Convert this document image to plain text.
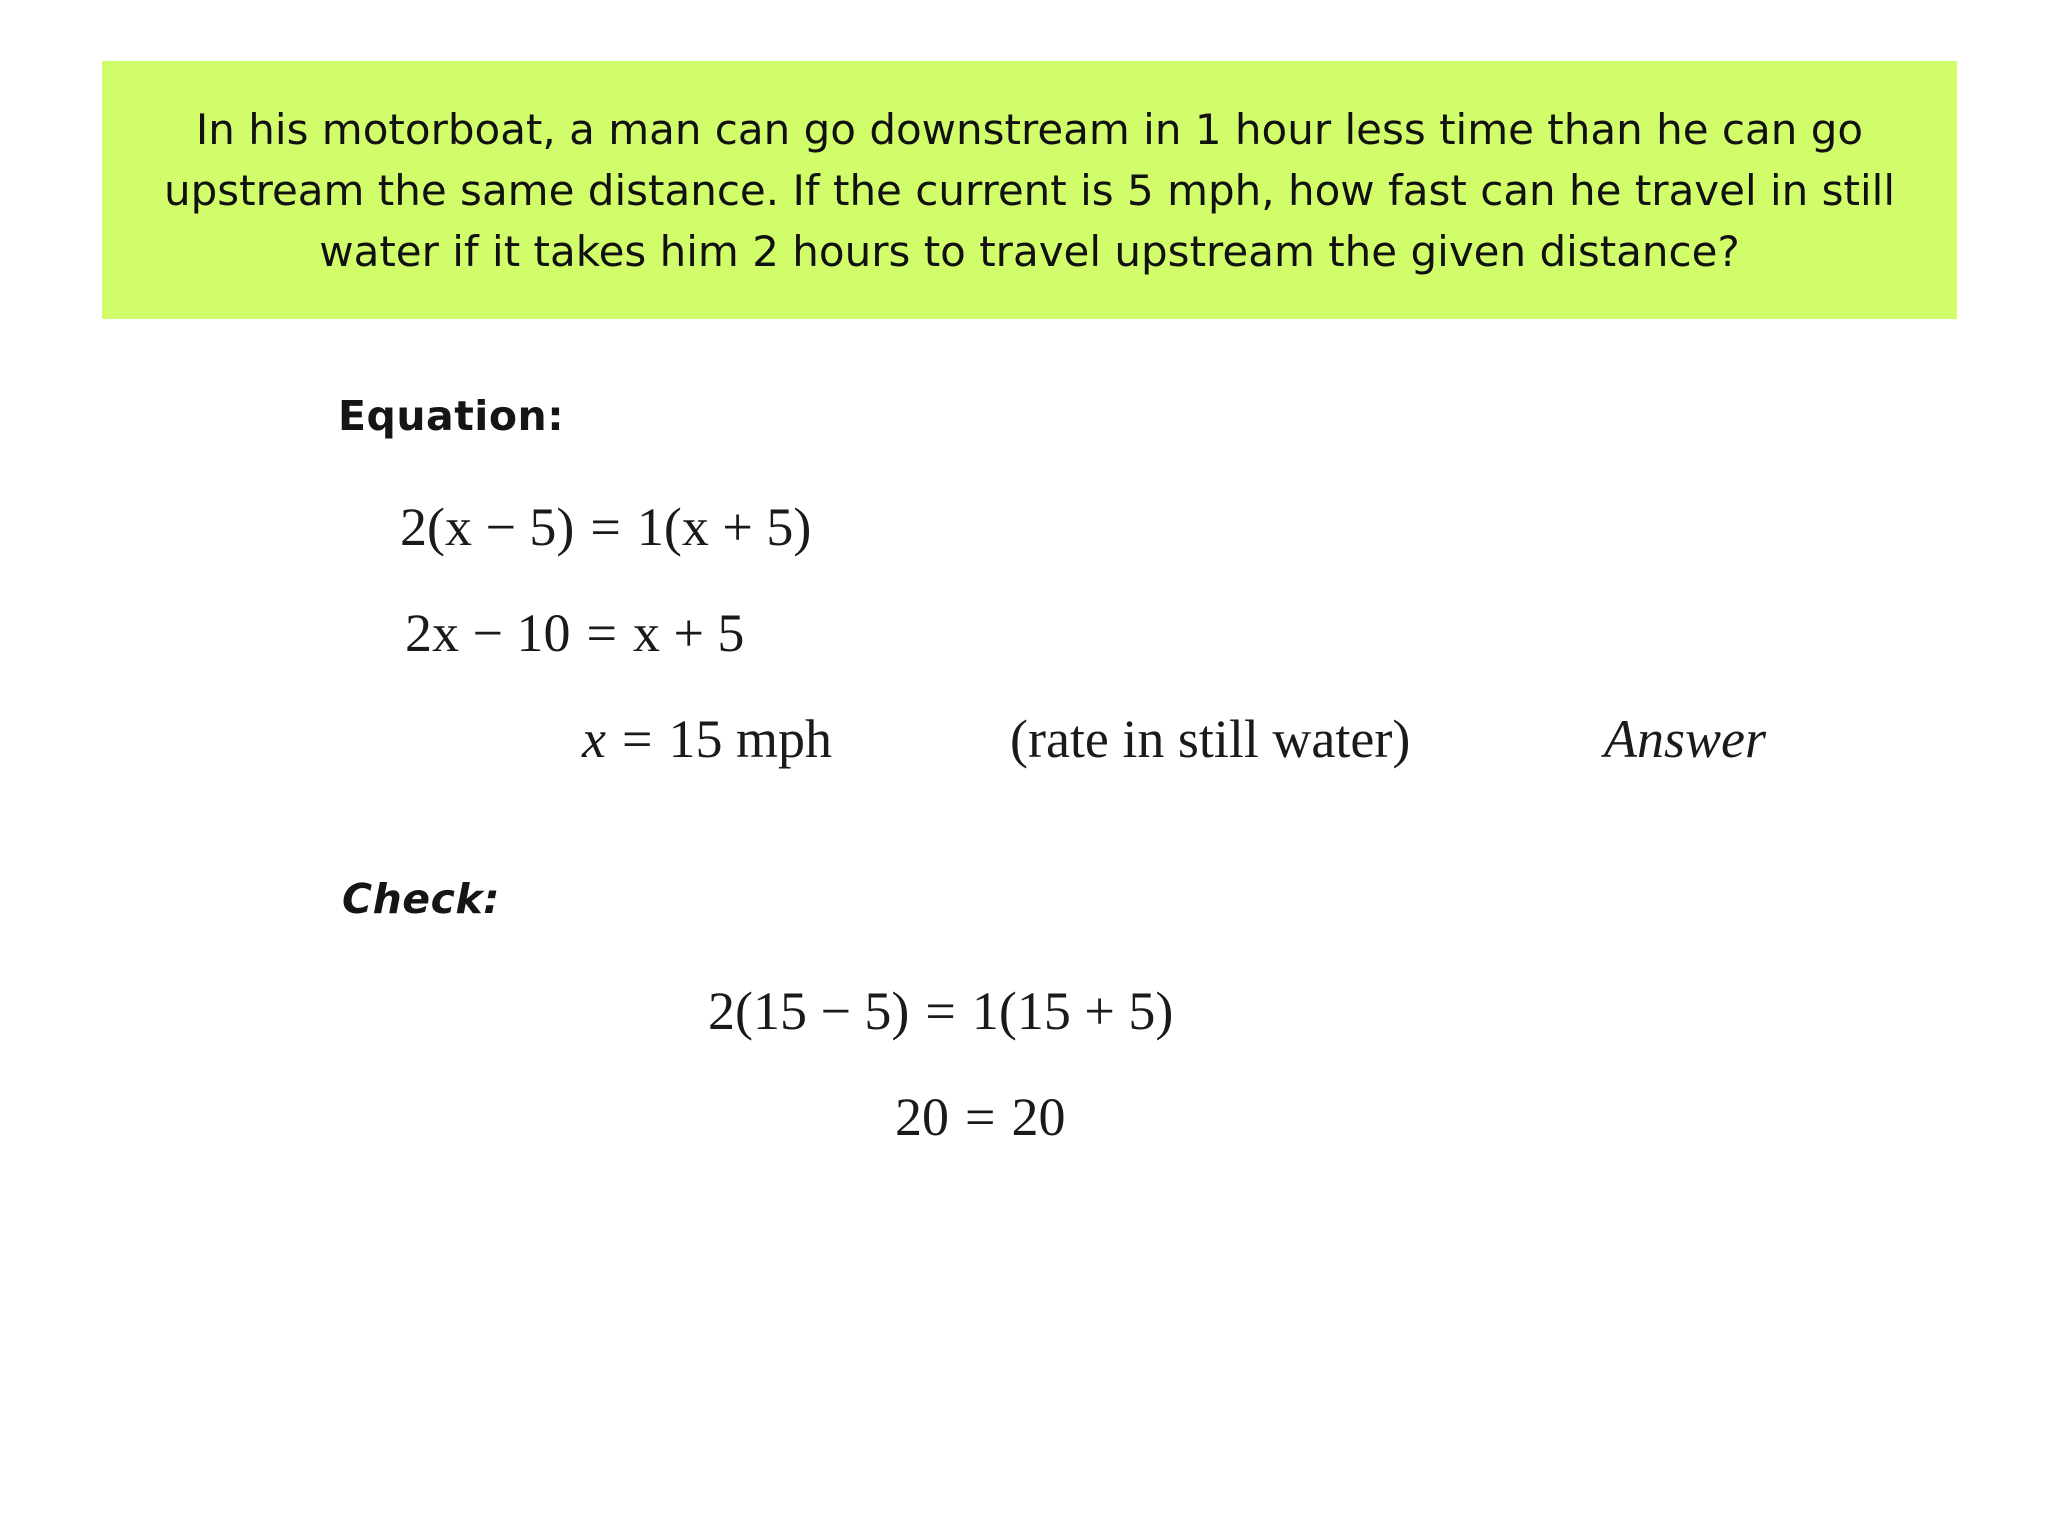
In his motorboat, a man can go downstream in 1 hour less time than he can go upstream the same distance. If the current is 5 mph, how fast can he travel in still water if it takes him 2 hours to travel upstream the given distance?

Equation:
2(x − 5) = 1(x + 5)
2x − 10 = x + 5
x = 15 mph	(rate in still water)	Answer
Check:
2(15 − 5) = 1(15 + 5)
20 = 20
